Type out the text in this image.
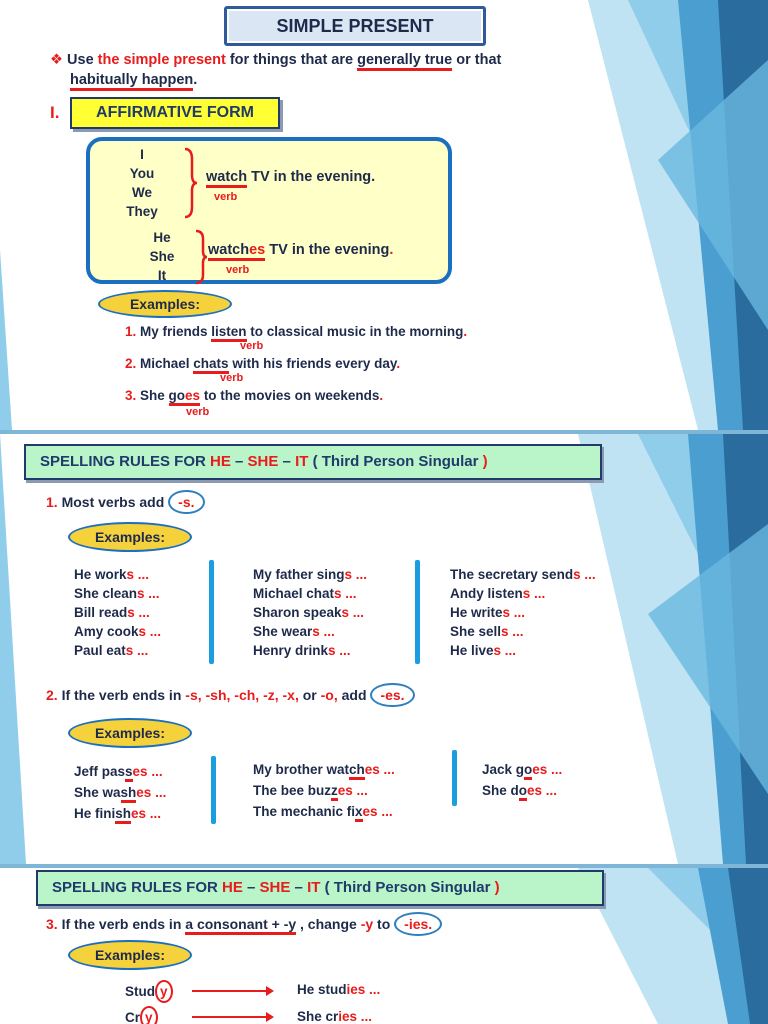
SIMPLE PRESENT
❖ Use the simple present for things that are generally true or that
habitually happen.
I.	AFFIRMATIVE FORM
I
You
We
They
watch TV in the evening.
verb
He
She
It
watches TV in the evening.
verb
Examples:
1. My friends listen to classical music in the morning.
verb
2. Michael chats with his friends every day.
verb
3. She goes to the movies on weekends.
verb
SPELLING RULES FOR HE – SHE – IT ( Third Person Singular )
1. Most verbs add -s.
Examples:
He works ...
She cleans ...
Bill reads ...
Amy cooks ...
Paul eats ...
My father sings ...
Michael chats ...
Sharon speaks ...
She wears ...
Henry drinks ...
The secretary sends ...
Andy listens ...
He writes ...
She sells ...
He lives ...
2. If the verb ends in -s, -sh, -ch, -z, -x, or -o, add -es.
Examples:
Jeff passes ...
She washes ...
He finishes ...
My brother watches ...
The bee buzzes ...
The mechanic fixes ...
Jack goes ...
She does ...
SPELLING RULES FOR HE – SHE – IT ( Third Person Singular )
3. If the verb ends in a consonant + -y , change -y to -ies.
Examples:
Stud y	He studies ...
Cr y	She cries ...
